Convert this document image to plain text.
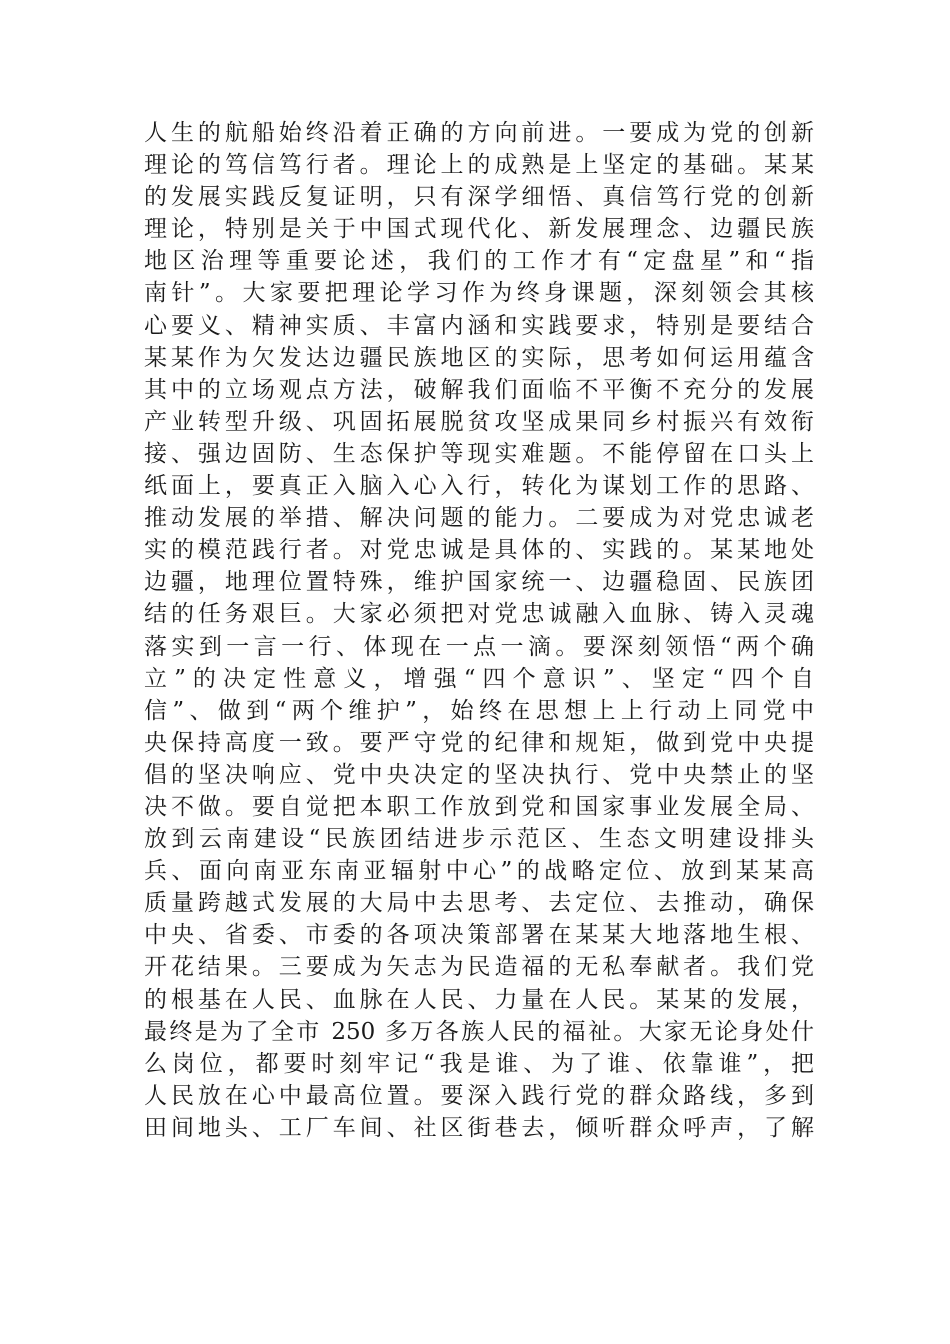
人生的航船始终沿着正确的方向前进。一要成为党的创新
理论的笃信笃行者。理论上的成熟是上坚定的基础。某某
的发展实践反复证明，只有深学细悟、真信笃行党的创新
理论，特别是关于中国式现代化、新发展理念、边疆民族
地区治理等重要论述，我们的工作才有“定盘星”和“指
南针”。大家要把理论学习作为终身课题，深刻领会其核
心要义、精神实质、丰富内涵和实践要求，特别是要结合
某某作为欠发达边疆民族地区的实际，思考如何运用蕴含
其中的立场观点方法，破解我们面临不平衡不充分的发展
产业转型升级、巩固拓展脱贫攻坚成果同乡村振兴有效衔
接、强边固防、生态保护等现实难题。不能停留在口头上
纸面上，要真正入脑入心入行，转化为谋划工作的思路、
推动发展的举措、解决问题的能力。二要成为对党忠诚老
实的模范践行者。对党忠诚是具体的、实践的。某某地处
边疆，地理位置特殊，维护国家统一、边疆稳固、民族团
结的任务艰巨。大家必须把对党忠诚融入血脉、铸入灵魂
落实到一言一行、体现在一点一滴。要深刻领悟“两个确
立”的决定性意义，增强“四个意识”、坚定“四个自
信”、做到“两个维护”，始终在思想上上行动上同党中
央保持高度一致。要严守党的纪律和规矩，做到党中央提
倡的坚决响应、党中央决定的坚决执行、党中央禁止的坚
决不做。要自觉把本职工作放到党和国家事业发展全局、
放到云南建设“民族团结进步示范区、生态文明建设排头
兵、面向南亚东南亚辐射中心”的战略定位、放到某某高
质量跨越式发展的大局中去思考、去定位、去推动，确保
中央、省委、市委的各项决策部署在某某大地落地生根、
开花结果。三要成为矢志为民造福的无私奉献者。我们党
的根基在人民、血脉在人民、力量在人民。某某的发展，
最终是为了全市 250 多万各族人民的福祉。大家无论身处什
么岗位，都要时刻牢记“我是谁、为了谁、依靠谁”，把
人民放在心中最高位置。要深入践行党的群众路线，多到
田间地头、工厂车间、社区街巷去，倾听群众呼声，了解
